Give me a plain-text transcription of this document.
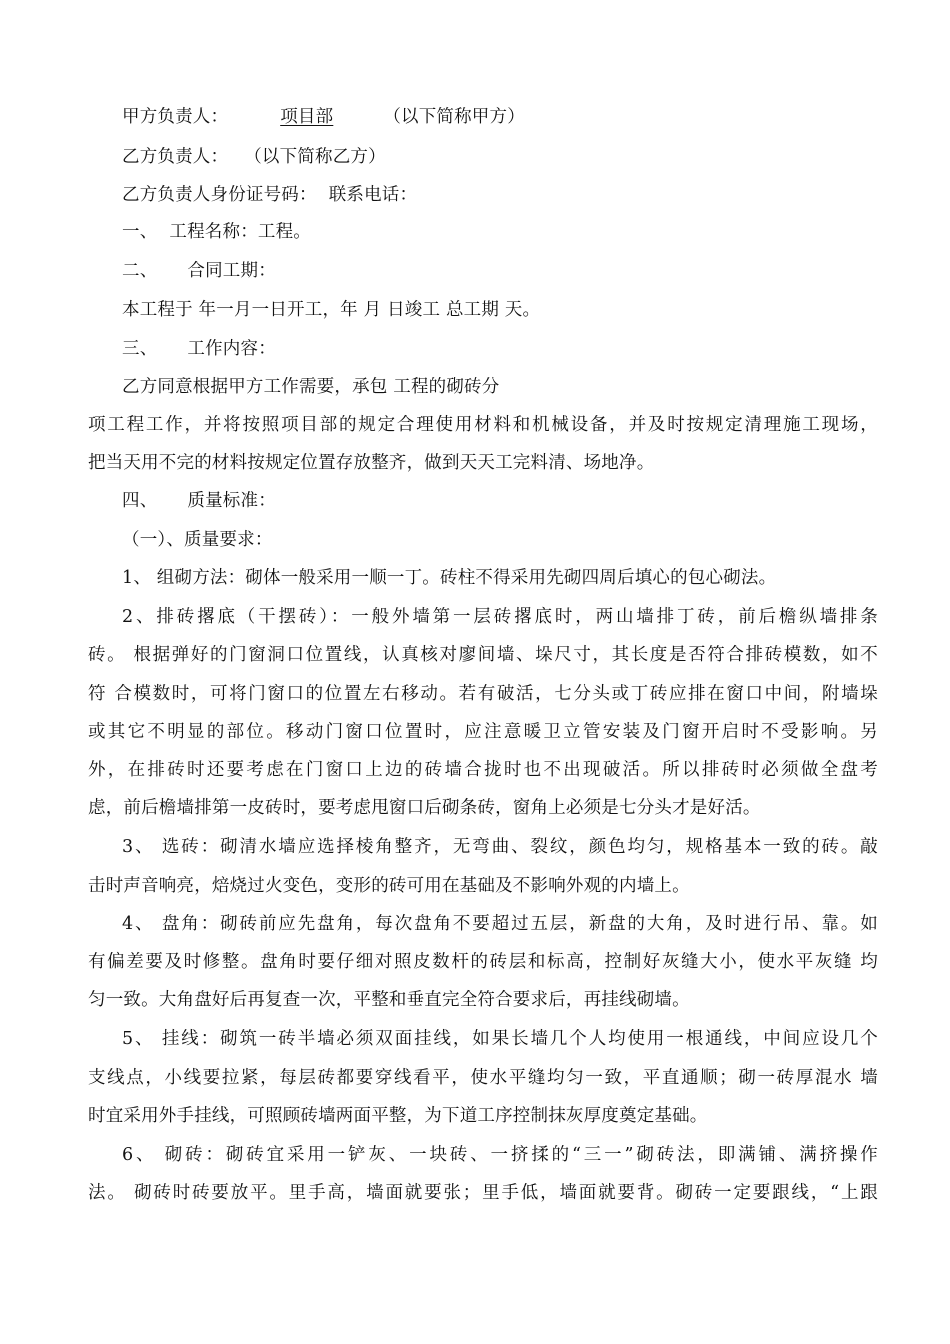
甲方负责人：	项目部	（以下简称甲方）
乙方负责人： （以下简称乙方）
乙方负责人身份证号码： 联系电话：
一、 工程名称：工程。
二、 合同工期：
本工程于 年一月一日开工，年 月 日竣工 总工期 天。
三、 工作内容：
乙方同意根据甲方工作需要，承包 工程的砌砖分
项工程工作，并将按照项目部的规定合理使用材料和机械设备，并及时按规定清理施工现场，
把当天用不完的材料按规定位置存放整齐，做到天天工完料清、场地净。
四、 质量标准：
（一）、质量要求：
1、 组砌方法：砌体一般采用一顺一丁。砖柱不得采用先砌四周后填心的包心砌法。
2、排砖撂底（干摆砖）：一般外墙第一层砖撂底时，两山墙排丁砖，前后檐纵墙排条
砖。 根据弹好的门窗洞口位置线，认真核对廖间墙、垛尺寸，其长度是否符合排砖模数，如不
符 合模数时，可将门窗口的位置左右移动。若有破活，七分头或丁砖应排在窗口中间，附墙垛
或其它不明显的部位。移动门窗口位置时，应注意暖卫立管安装及门窗开启时不受影响。另
外，在排砖时还要考虑在门窗口上边的砖墙合拢时也不出现破活。所以排砖时必须做全盘考
虑，前后檐墙排第一皮砖时，要考虑甩窗口后砌条砖，窗角上必须是七分头才是好活。
3、 选砖：砌清水墙应选择棱角整齐，无弯曲、裂纹，颜色均匀，规格基本一致的砖。敲
击时声音响亮，焙烧过火变色，变形的砖可用在基础及不影响外观的内墙上。
4、 盘角：砌砖前应先盘角，每次盘角不要超过五层，新盘的大角，及时进行吊、靠。如
有偏差要及时修整。盘角时要仔细对照皮数杆的砖层和标高，控制好灰缝大小，使水平灰缝 均
匀一致。大角盘好后再复查一次，平整和垂直完全符合要求后，再挂线砌墙。
5、 挂线：砌筑一砖半墙必须双面挂线，如果长墙几个人均使用一根通线，中间应设几个
支线点，小线要拉紧，每层砖都要穿线看平，使水平缝均匀一致，平直通顺；砌一砖厚混水 墙
时宜采用外手挂线，可照顾砖墙两面平整，为下道工序控制抹灰厚度奠定基础。
6、 砌砖：砌砖宜采用一铲灰、一块砖、一挤揉的“三一”砌砖法，即满铺、满挤操作
法。 砌砖时砖要放平。里手高，墙面就要张；里手低，墙面就要背。砌砖一定要跟线，“上跟
